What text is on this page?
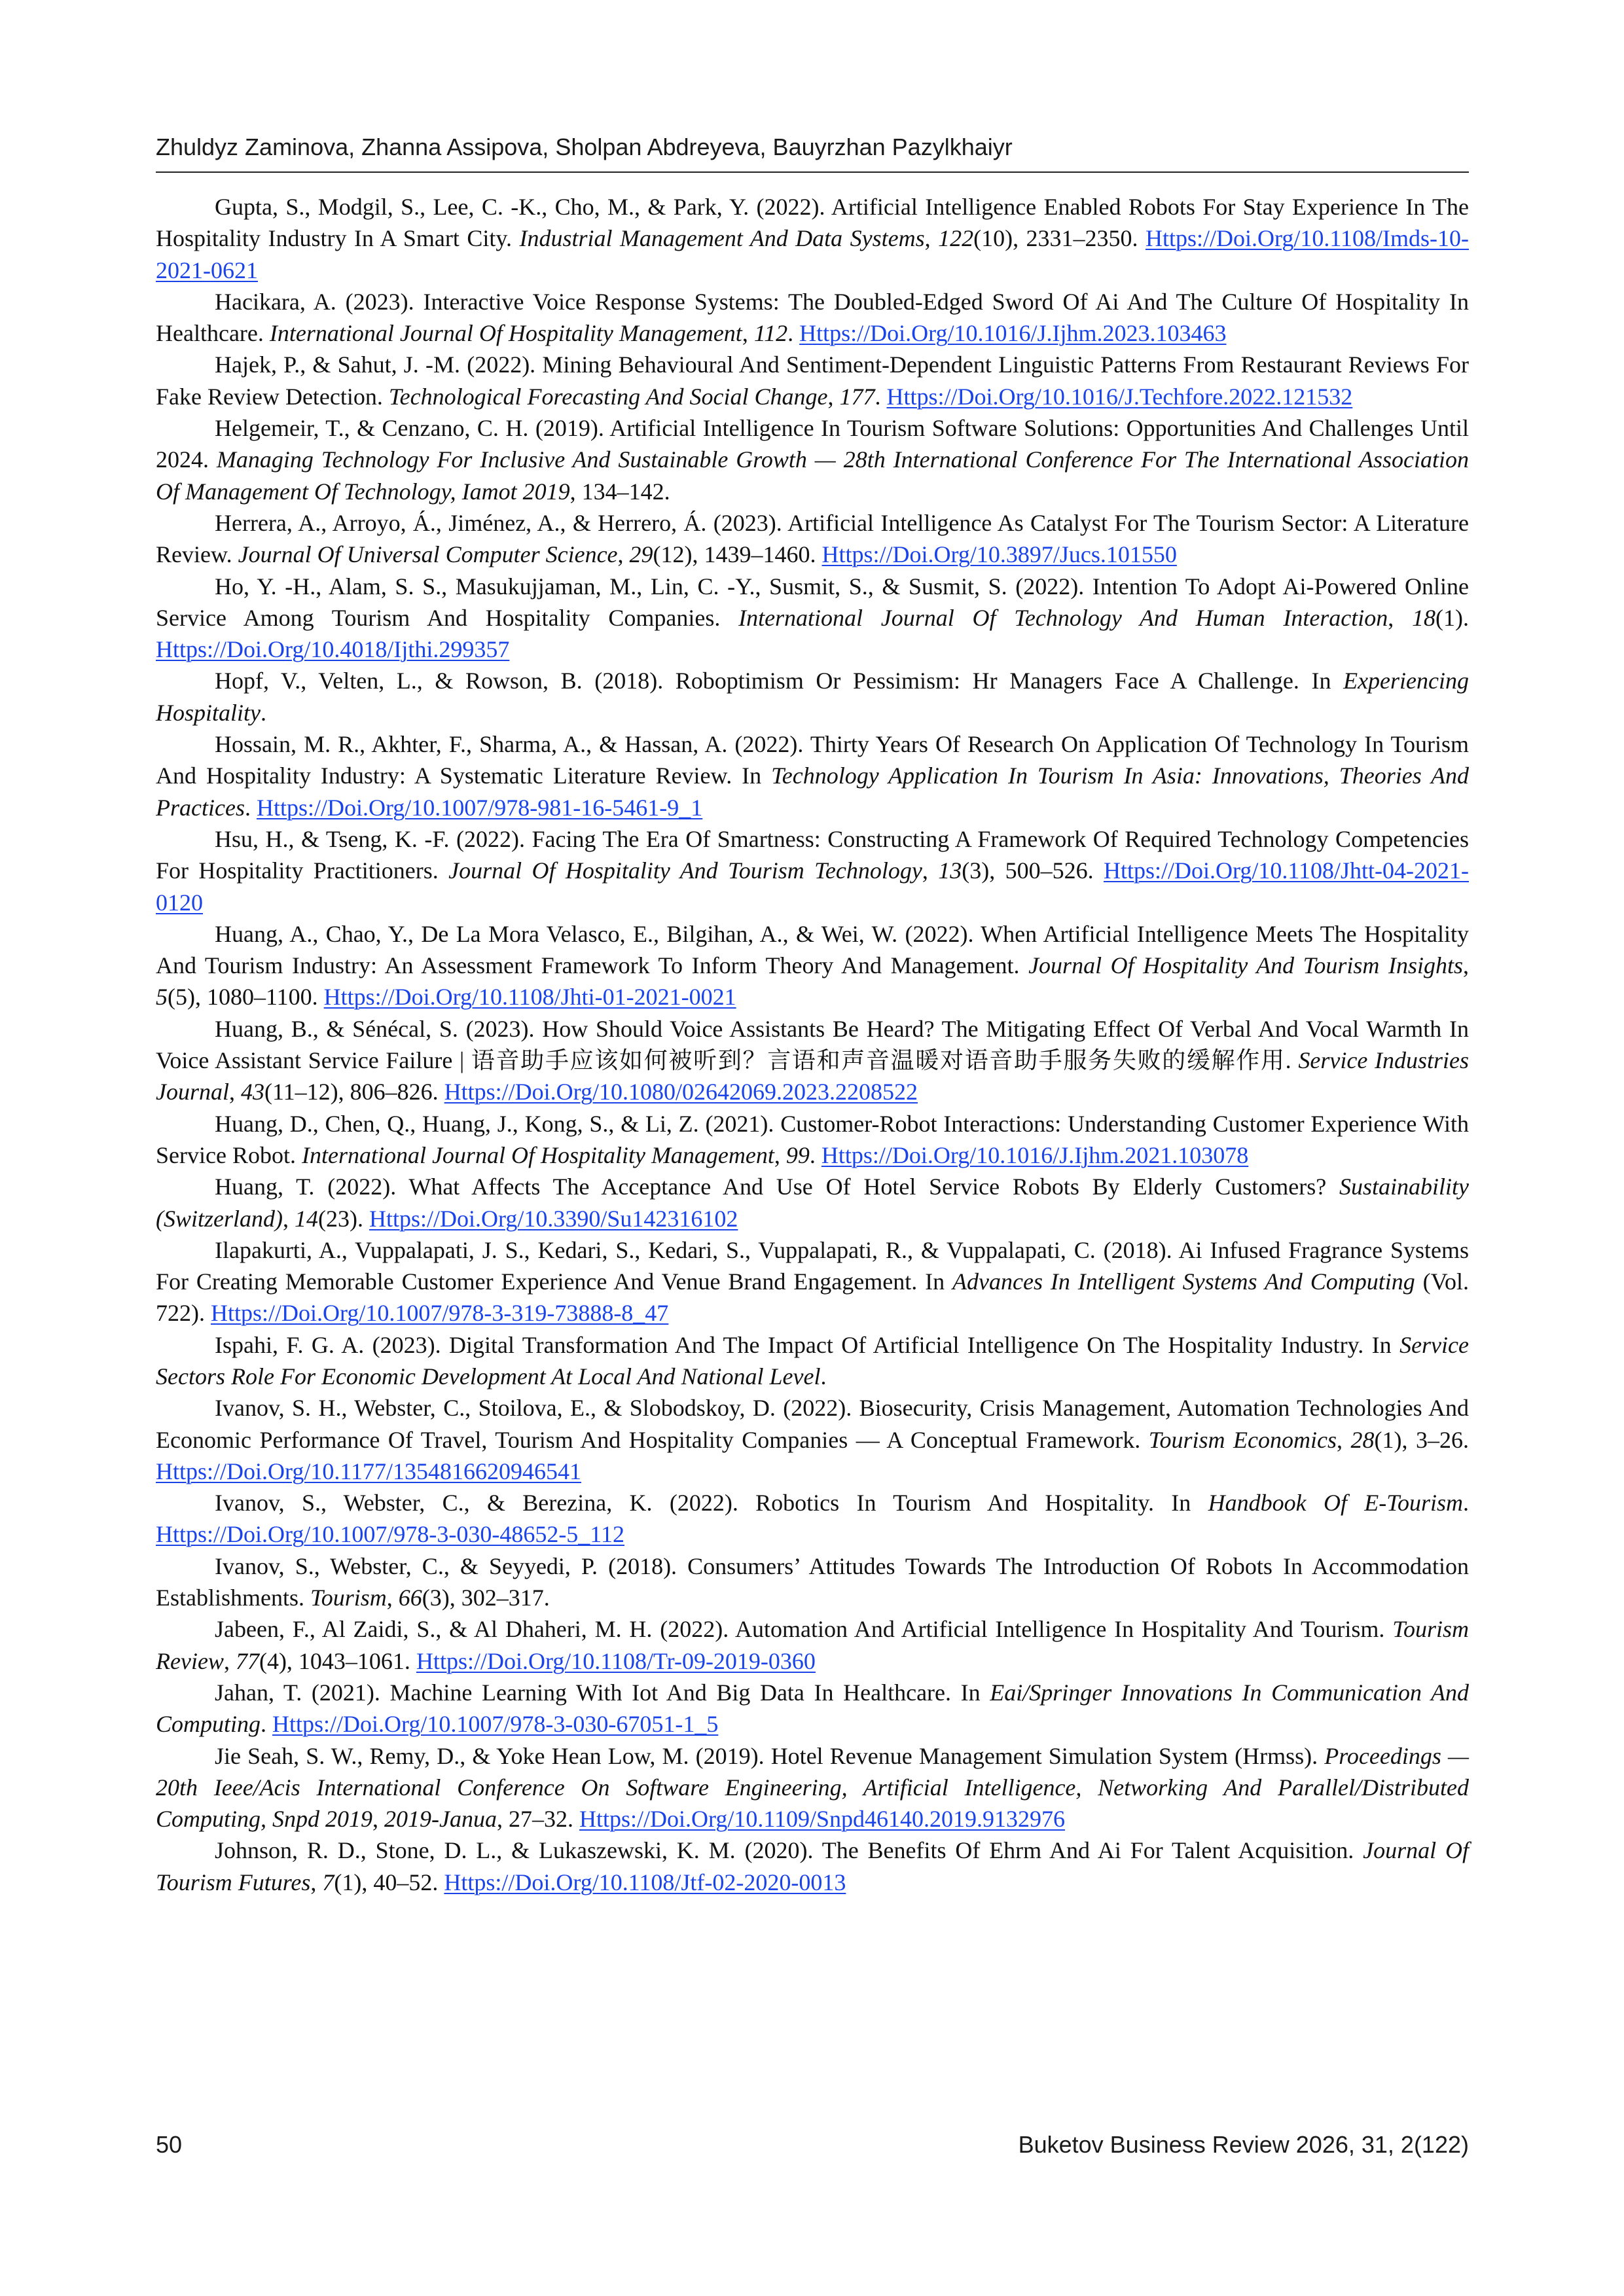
Zhuldyz Zaminova, Zhanna Assipova, Sholpan Abdreyeva, Bauyrzhan Pazylkhaiyr

Gupta, S., Modgil, S., Lee, C. -K., Cho, M., & Park, Y. (2022). Artificial Intelligence Enabled Robots For Stay Experience In The Hospitality Industry In A Smart City. Industrial Management And Data Systems, 122(10), 2331–2350. Https://Doi.Org/10.1108/Imds-10-2021-0621

Hacikara, A. (2023). Interactive Voice Response Systems: The Doubled-Edged Sword Of Ai And The Culture Of Hospitality In Healthcare. International Journal Of Hospitality Management, 112. Https://Doi.Org/10.1016/J.Ijhm.2023.103463

Hajek, P., & Sahut, J. -M. (2022). Mining Behavioural And Sentiment-Dependent Linguistic Patterns From Restaurant Reviews For Fake Review Detection. Technological Forecasting And Social Change, 177. Https://Doi.Org/10.1016/J.Techfore.2022.121532

Helgemeir, T., & Cenzano, C. H. (2019). Artificial Intelligence In Tourism Software Solutions: Opportunities And Challenges Until 2024. Managing Technology For Inclusive And Sustainable Growth — 28th International Conference For The International Association Of Management Of Technology, Iamot 2019, 134–142.

Herrera, A., Arroyo, Á., Jiménez, A., & Herrero, Á. (2023). Artificial Intelligence As Catalyst For The Tourism Sector: A Literature Review. Journal Of Universal Computer Science, 29(12), 1439–1460. Https://Doi.Org/10.3897/Jucs.101550

Ho, Y. -H., Alam, S. S., Masukujjaman, M., Lin, C. -Y., Susmit, S., & Susmit, S. (2022). Intention To Adopt Ai-Powered Online Service Among Tourism And Hospitality Companies. International Journal Of Technology And Human Interaction, 18(1). Https://Doi.Org/10.4018/Ijthi.299357

Hopf, V., Velten, L., & Rowson, B. (2018). Roboptimism Or Pessimism: Hr Managers Face A Challenge. In Experiencing Hospitality.

Hossain, M. R., Akhter, F., Sharma, A., & Hassan, A. (2022). Thirty Years Of Research On Application Of Technology In Tourism And Hospitality Industry: A Systematic Literature Review. In Technology Application In Tourism In Asia: Innovations, Theories And Practices. Https://Doi.Org/10.1007/978-981-16-5461-9_1

Hsu, H., & Tseng, K. -F. (2022). Facing The Era Of Smartness: Constructing A Framework Of Required Technology Competencies For Hospitality Practitioners. Journal Of Hospitality And Tourism Technology, 13(3), 500–526. Https://Doi.Org/10.1108/Jhtt-04-2021-0120

Huang, A., Chao, Y., De La Mora Velasco, E., Bilgihan, A., & Wei, W. (2022). When Artificial Intelligence Meets The Hospitality And Tourism Industry: An Assessment Framework To Inform Theory And Management. Journal Of Hospitality And Tourism Insights, 5(5), 1080–1100. Https://Doi.Org/10.1108/Jhti-01-2021-0021

Huang, B., & Sénécal, S. (2023). How Should Voice Assistants Be Heard? The Mitigating Effect Of Verbal And Vocal Warmth In Voice Assistant Service Failure | 语音助手应该如何被听到？言语和声音温暖对语音助手服务失败的缓解作用. Service Industries Journal, 43(11–12), 806–826. Https://Doi.Org/10.1080/02642069.2023.2208522

Huang, D., Chen, Q., Huang, J., Kong, S., & Li, Z. (2021). Customer-Robot Interactions: Understanding Customer Experience With Service Robot. International Journal Of Hospitality Management, 99. Https://Doi.Org/10.1016/J.Ijhm.2021.103078

Huang, T. (2022). What Affects The Acceptance And Use Of Hotel Service Robots By Elderly Customers? Sustainability (Switzerland), 14(23). Https://Doi.Org/10.3390/Su142316102

Ilapakurti, A., Vuppalapati, J. S., Kedari, S., Kedari, S., Vuppalapati, R., & Vuppalapati, C. (2018). Ai Infused Fragrance Systems For Creating Memorable Customer Experience And Venue Brand Engagement. In Advances In Intelligent Systems And Computing (Vol. 722). Https://Doi.Org/10.1007/978-3-319-73888-8_47

Ispahi, F. G. A. (2023). Digital Transformation And The Impact Of Artificial Intelligence On The Hospitality Industry. In Service Sectors Role For Economic Development At Local And National Level.

Ivanov, S. H., Webster, C., Stoilova, E., & Slobodskoy, D. (2022). Biosecurity, Crisis Management, Automation Technologies And Economic Performance Of Travel, Tourism And Hospitality Companies — A Conceptual Framework. Tourism Economics, 28(1), 3–26. Https://Doi.Org/10.1177/1354816620946541

Ivanov, S., Webster, C., & Berezina, K. (2022). Robotics In Tourism And Hospitality. In Handbook Of E-Tourism. Https://Doi.Org/10.1007/978-3-030-48652-5_112

Ivanov, S., Webster, C., & Seyyedi, P. (2018). Consumers’ Attitudes Towards The Introduction Of Robots In Accommodation Establishments. Tourism, 66(3), 302–317.

Jabeen, F., Al Zaidi, S., & Al Dhaheri, M. H. (2022). Automation And Artificial Intelligence In Hospitality And Tourism. Tourism Review, 77(4), 1043–1061. Https://Doi.Org/10.1108/Tr-09-2019-0360

Jahan, T. (2021). Machine Learning With Iot And Big Data In Healthcare. In Eai/Springer Innovations In Communication And Computing. Https://Doi.Org/10.1007/978-3-030-67051-1_5

Jie Seah, S. W., Remy, D., & Yoke Hean Low, M. (2019). Hotel Revenue Management Simulation System (Hrmss). Proceedings — 20th Ieee/Acis International Conference On Software Engineering, Artificial Intelligence, Networking And Parallel/Distributed Computing, Snpd 2019, 2019-Janua, 27–32. Https://Doi.Org/10.1109/Snpd46140.2019.9132976

Johnson, R. D., Stone, D. L., & Lukaszewski, K. M. (2020). The Benefits Of Ehrm And Ai For Talent Acquisition. Journal Of Tourism Futures, 7(1), 40–52. Https://Doi.Org/10.1108/Jtf-02-2020-0013

50	Buketov Business Review 2026, 31, 2(122)
